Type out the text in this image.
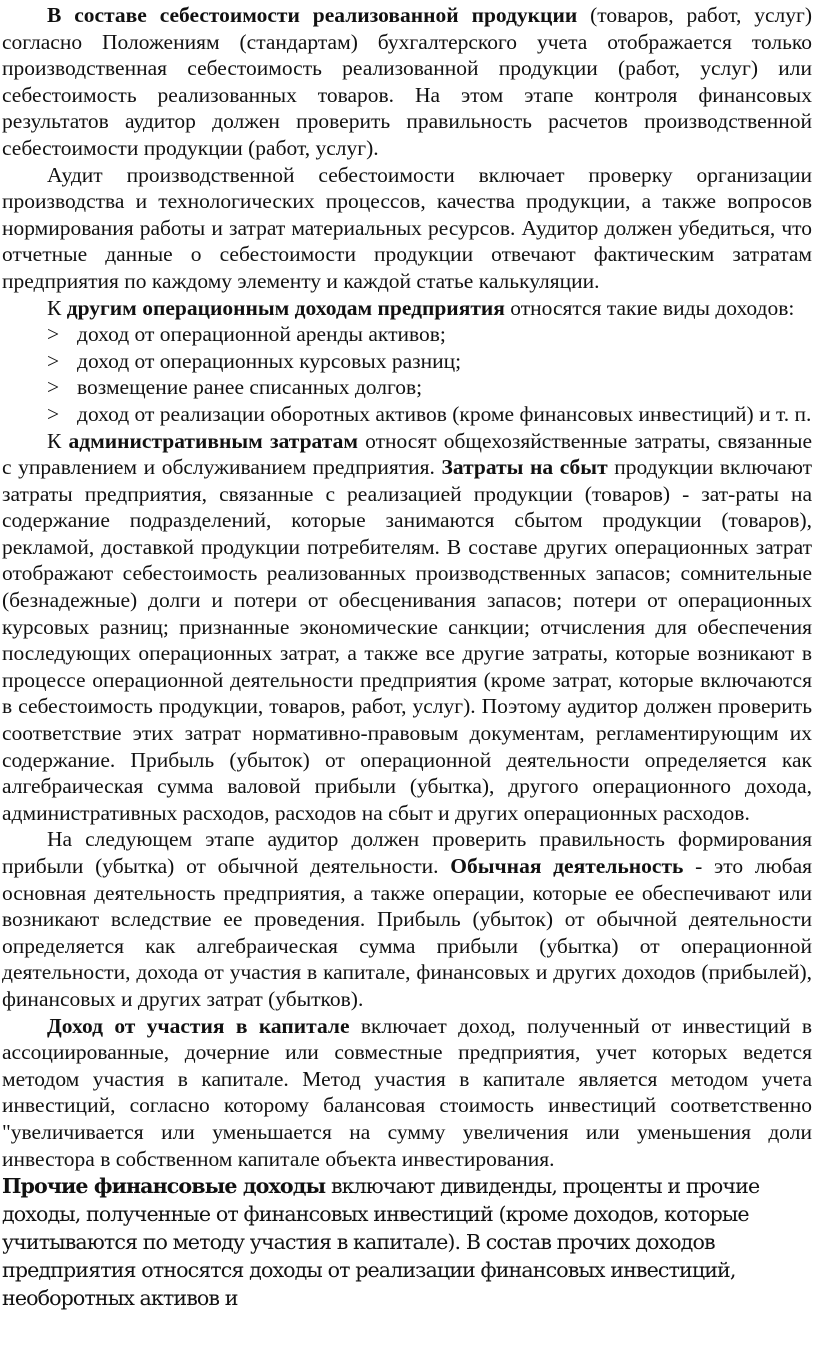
В составе себестоимости реализованной продукции (товаров, работ, услуг) согласно Положениям (стандартам) бухгалтерского учета отображается только производственная себестоимость реализованной продукции (работ, услуг) или себестоимость реализованных товаров. На этом этапе контроля финансовых результатов аудитор должен проверить правильность расчетов производственной себестоимости продукции (работ, услуг).

Аудит производственной себестоимости включает проверку организации производства и технологических процессов, качества продукции, а также вопросов нормирования работы и затрат материальных ресурсов. Аудитор должен убедиться, что отчетные данные о себестоимости продукции отвечают фактическим затратам предприятия по каждому элементу и каждой статье калькуляции.

К другим операционным доходам предприятия относятся такие виды доходов:

> доход от операционной аренды активов;

> доход от операционных курсовых разниц;

> возмещение ранее списанных долгов;

> доход от реализации оборотных активов (кроме финансовых инвестиций) и т. п.

К административным затратам относят общехозяйственные затраты, связанные с управлением и обслуживанием предприятия. Затраты на сбыт продукции включают затраты предприятия, связанные с реализацией продукции (товаров) - зат-раты на содержание подразделений, которые занимаются сбытом продукции (товаров), рекламой, доставкой продукции потребителям. В составе других операционных затрат отображают себестоимость реализованных производственных запасов; сомнительные (безнадежные) долги и потери от обесценивания запасов; потери от операционных курсовых разниц; признанные экономические санкции; отчисления для обеспечения последующих операционных затрат, а также все другие затраты, которые возникают в процессе операционной деятельности предприятия (кроме затрат, которые включаются в себестоимость продукции, товаров, работ, услуг). Поэтому аудитор должен проверить соответствие этих затрат нормативно-правовым документам, регламентирующим их содержание. Прибыль (убыток) от операционной деятельности определяется как алгебраическая сумма валовой прибыли (убытка), другого операционного дохода, административных расходов, расходов на сбыт и других операционных расходов.

На следующем этапе аудитор должен проверить правильность формирования прибыли (убытка) от обычной деятельности. Обычная деятельность - это любая основная деятельность предприятия, а также операции, которые ее обеспечивают или возникают вследствие ее проведения. Прибыль (убыток) от обычной деятельности определяется как алгебраическая сумма прибыли (убытка) от операционной деятельности, дохода от участия в капитале, финансовых и других доходов (прибылей), финансовых и других затрат (убытков).

Доход от участия в капитале включает доход, полученный от инвестиций в ассоциированные, дочерние или совместные предприятия, учет которых ведется методом участия в капитале. Метод участия в капитале является методом учета инвестиций, согласно которому балансовая стоимость инвестиций соответственно "увеличивается или уменьшается на сумму увеличения или уменьшения доли инвестора в собственном капитале объекта инвестирования.

Прочие финансовые доходы включают дивиденды, проценты и прочие доходы, полученные от финансовых инвестиций (кроме доходов, которые учитываются по методу участия в капитале). В состав прочих доходов предприятия относятся доходы от реализации финансовых инвестиций, необоротных активов и
